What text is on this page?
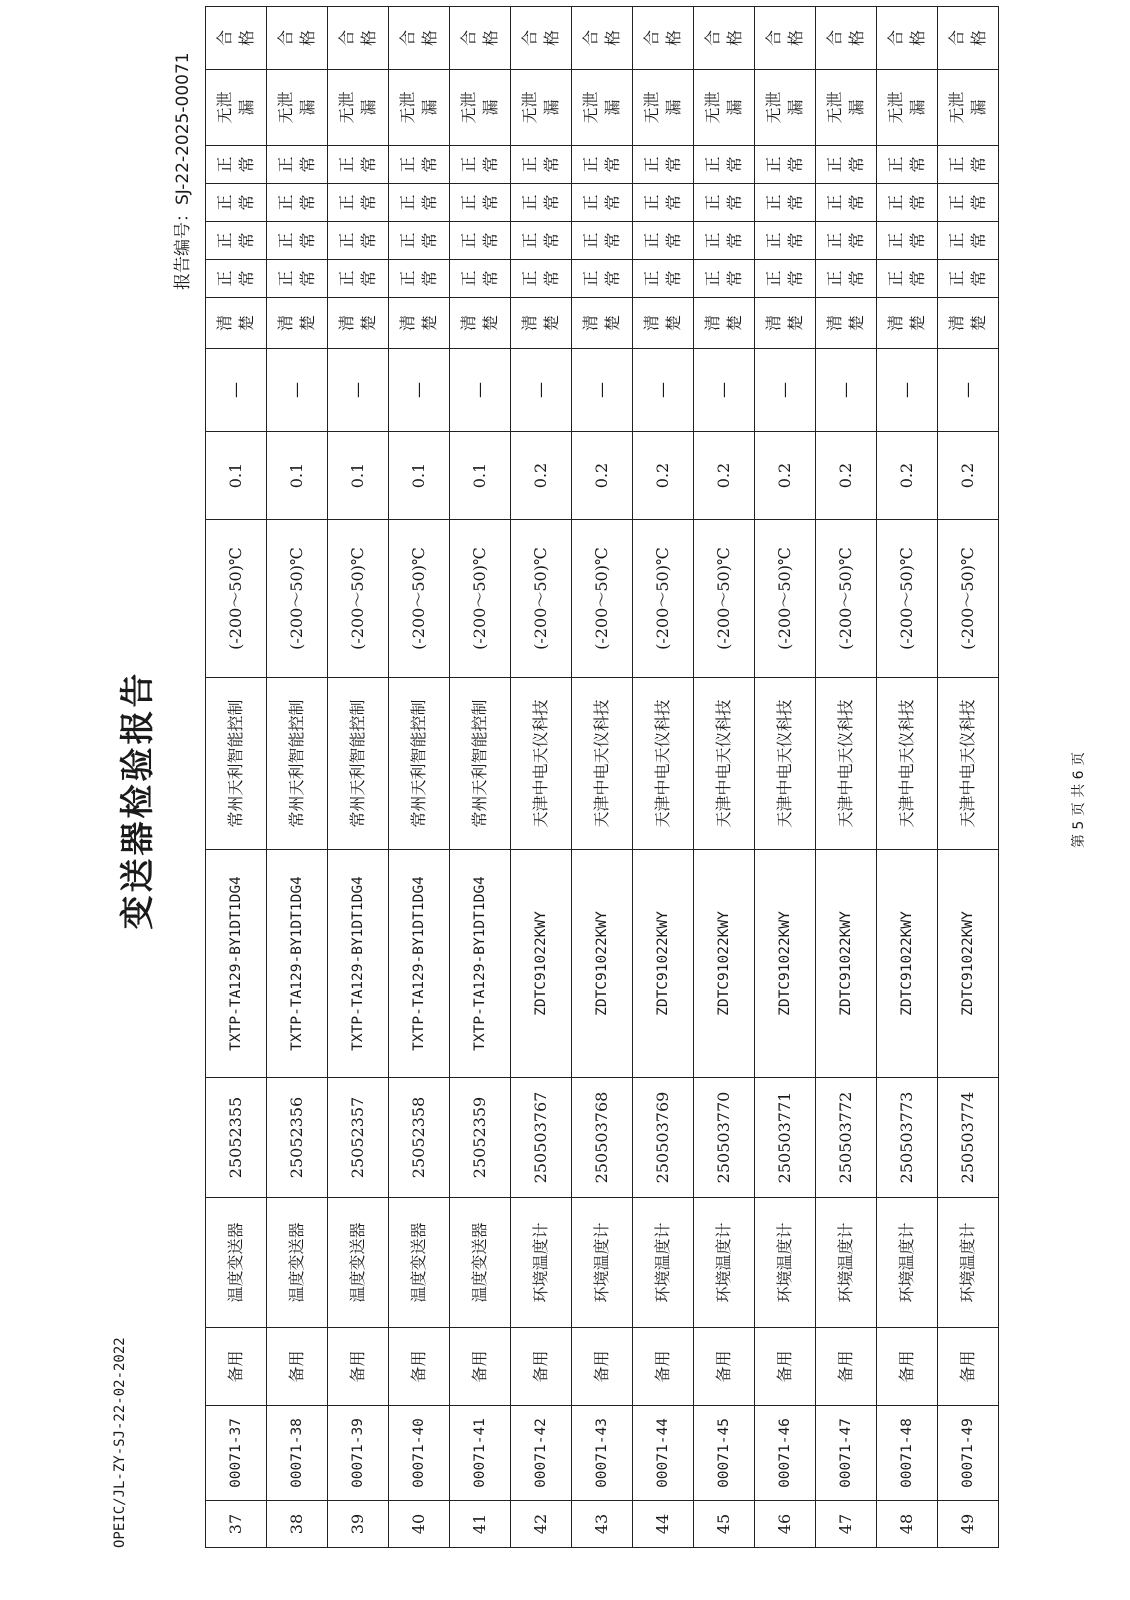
OPEIC/JL-ZY-SJ-22-02-2022
变送器检验报告
报告编号：SJ-22-2025-00071
37	00071-37	备用	温度变送器	25052355	TXTP-TA129-BY1DT1DG4	常州天利智能控制	(-200～50)℃	0.1	—	清 楚	正 常	正 常	正 常	正 常	无泄 漏	合 格

38	00071-38	备用	温度变送器	25052356	TXTP-TA129-BY1DT1DG4	常州天利智能控制	(-200～50)℃	0.1	—	清 楚	正 常	正 常	正 常	正 常	无泄 漏	合 格

39	00071-39	备用	温度变送器	25052357	TXTP-TA129-BY1DT1DG4	常州天利智能控制	(-200～50)℃	0.1	—	清 楚	正 常	正 常	正 常	正 常	无泄 漏	合 格

40	00071-40	备用	温度变送器	25052358	TXTP-TA129-BY1DT1DG4	常州天利智能控制	(-200～50)℃	0.1	—	清 楚	正 常	正 常	正 常	正 常	无泄 漏	合 格

41	00071-41	备用	温度变送器	25052359	TXTP-TA129-BY1DT1DG4	常州天利智能控制	(-200～50)℃	0.1	—	清 楚	正 常	正 常	正 常	正 常	无泄 漏	合 格

42	00071-42	备用	环境温度计	250503767	ZDTC91022KWY	天津中电天仪科技	(-200～50)℃	0.2	—	清 楚	正 常	正 常	正 常	正 常	无泄 漏	合 格

43	00071-43	备用	环境温度计	250503768	ZDTC91022KWY	天津中电天仪科技	(-200～50)℃	0.2	—	清 楚	正 常	正 常	正 常	正 常	无泄 漏	合 格

44	00071-44	备用	环境温度计	250503769	ZDTC91022KWY	天津中电天仪科技	(-200～50)℃	0.2	—	清 楚	正 常	正 常	正 常	正 常	无泄 漏	合 格

45	00071-45	备用	环境温度计	250503770	ZDTC91022KWY	天津中电天仪科技	(-200～50)℃	0.2	—	清 楚	正 常	正 常	正 常	正 常	无泄 漏	合 格

46	00071-46	备用	环境温度计	250503771	ZDTC91022KWY	天津中电天仪科技	(-200～50)℃	0.2	—	清 楚	正 常	正 常	正 常	正 常	无泄 漏	合 格

47	00071-47	备用	环境温度计	250503772	ZDTC91022KWY	天津中电天仪科技	(-200～50)℃	0.2	—	清 楚	正 常	正 常	正 常	正 常	无泄 漏	合 格

48	00071-48	备用	环境温度计	250503773	ZDTC91022KWY	天津中电天仪科技	(-200～50)℃	0.2	—	清 楚	正 常	正 常	正 常	正 常	无泄 漏	合 格

49	00071-49	备用	环境温度计	250503774	ZDTC91022KWY	天津中电天仪科技	(-200～50)℃	0.2	—	清 楚	正 常	正 常	正 常	正 常	无泄 漏	合 格
第 5 页 共 6 页
